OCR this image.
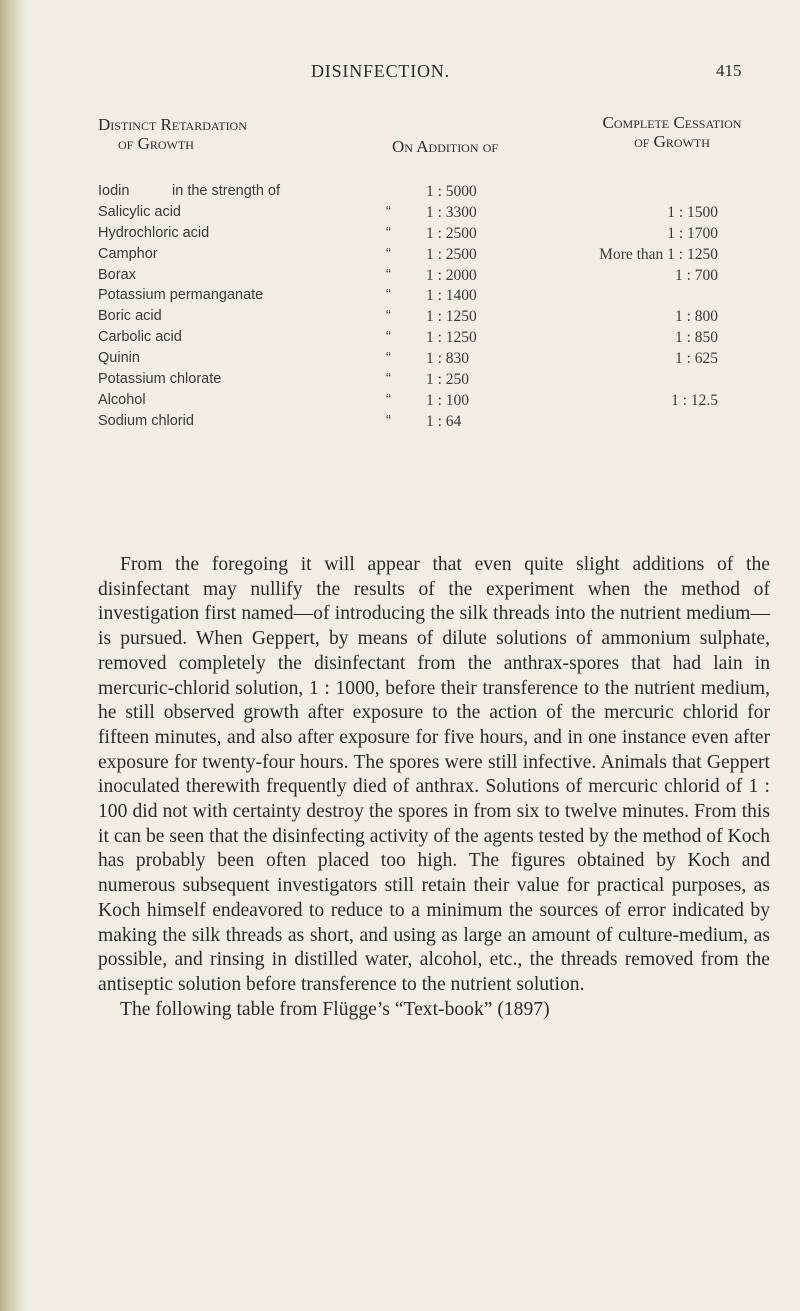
DISINFECTION.	415
Distinct Retardation
of Growth	On Addition of
Complete Cessation
of Growth
Iodin	in the strength of	1 : 5000
Salicylic acid	“ 1 : 3300	1 : 1500
Hydrochloric acid	“ 1 : 2500	1 : 1700
Camphor	“ 1 : 2500	More than 1 : 1250
Borax	“ 1 : 2000	1 : 700
Potassium permanganate	“ 1 : 1400
Boric acid	“ 1 : 1250	1 : 800
Carbolic acid	“ 1 : 1250	1 : 850
Quinin	“ 1 : 830	1 : 625
Potassium chlorate	“ 1 : 250
Alcohol	“ 1 : 100	1 : 12.5
Sodium chlorid	“ 1 : 64

From the foregoing it will appear that even quite slight additions of the disinfectant may nullify the results of the experiment when the method of investigation first named—of introducing the silk threads into the nutrient medium—is pursued. When Geppert, by means of dilute solutions of ammonium sulphate, removed completely the disinfectant from the anthrax-spores that had lain in mercuric-chlorid solution, 1 : 1000, before their transference to the nutrient medium, he still observed growth after exposure to the action of the mercuric chlorid for fifteen minutes, and also after exposure for five hours, and in one instance even after exposure for twenty-four hours. The spores were still infective. Animals that Geppert inoculated therewith frequently died of anthrax. Solutions of mercuric chlorid of 1 : 100 did not with certainty destroy the spores in from six to twelve minutes. From this it can be seen that the disinfecting activity of the agents tested by the method of Koch has probably been often placed too high. The figures obtained by Koch and numerous subsequent investigators still retain their value for practical purposes, as Koch himself endeavored to reduce to a minimum the sources of error indicated by making the silk threads as short, and using as large an amount of culture-medium, as possible, and rinsing in distilled water, alcohol, etc., the threads removed from the antiseptic solution before transference to the nutrient solution.

The following table from Flügge’s “Text-book” (1897)
